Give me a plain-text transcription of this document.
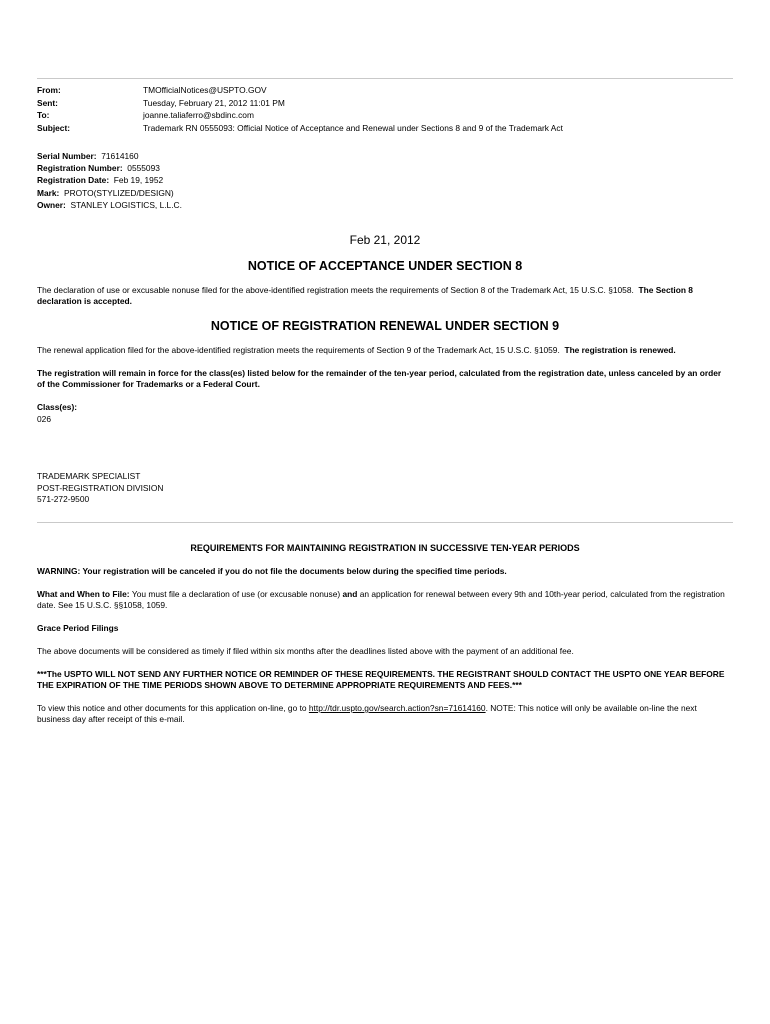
From:	TMOfficialNotices@USPTO.GOV
Sent:	Tuesday, February 21, 2012 11:01 PM
To:	joanne.taliaferro@sbdinc.com
Subject:	Trademark RN 0555093: Official Notice of Acceptance and Renewal under Sections 8 and 9 of the Trademark Act
Serial Number: 71614160
Registration Number: 0555093
Registration Date: Feb 19, 1952
Mark: PROTO(STYLIZED/DESIGN)
Owner: STANLEY LOGISTICS, L.L.C.
Feb 21, 2012
NOTICE OF ACCEPTANCE UNDER SECTION 8
The declaration of use or excusable nonuse filed for the above-identified registration meets the requirements of Section 8 of the Trademark Act, 15 U.S.C. §1058. The Section 8 declaration is accepted.
NOTICE OF REGISTRATION RENEWAL UNDER SECTION 9
The renewal application filed for the above-identified registration meets the requirements of Section 9 of the Trademark Act, 15 U.S.C. §1059. The registration is renewed.
The registration will remain in force for the class(es) listed below for the remainder of the ten-year period, calculated from the registration date, unless canceled by an order of the Commissioner for Trademarks or a Federal Court.
Class(es):
026
TRADEMARK SPECIALIST
POST-REGISTRATION DIVISION
571-272-9500
REQUIREMENTS FOR MAINTAINING REGISTRATION IN SUCCESSIVE TEN-YEAR PERIODS
WARNING: Your registration will be canceled if you do not file the documents below during the specified time periods.
What and When to File: You must file a declaration of use (or excusable nonuse) and an application for renewal between every 9th and 10th-year period, calculated from the registration date. See 15 U.S.C. §§1058, 1059.
Grace Period Filings
The above documents will be considered as timely if filed within six months after the deadlines listed above with the payment of an additional fee.
***The USPTO WILL NOT SEND ANY FURTHER NOTICE OR REMINDER OF THESE REQUIREMENTS. THE REGISTRANT SHOULD CONTACT THE USPTO ONE YEAR BEFORE THE EXPIRATION OF THE TIME PERIODS SHOWN ABOVE TO DETERMINE APPROPRIATE REQUIREMENTS AND FEES.***
To view this notice and other documents for this application on-line, go to http://tdr.uspto.gov/search.action?sn=71614160. NOTE: This notice will only be available on-line the next business day after receipt of this e-mail.
